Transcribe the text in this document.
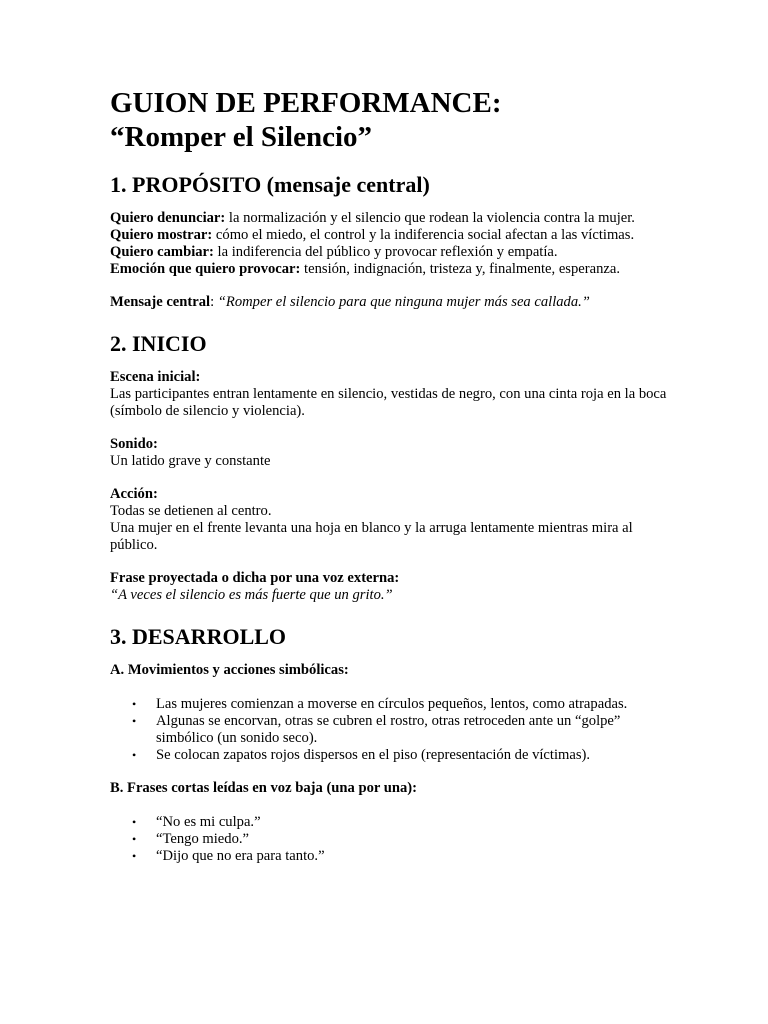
GUION DE PERFORMANCE:
“Romper el Silencio”
1. PROPÓSITO (mensaje central)

Quiero denunciar: la normalización y el silencio que rodean la violencia contra la mujer.
Quiero mostrar: cómo el miedo, el control y la indiferencia social afectan a las víctimas.
Quiero cambiar: la indiferencia del público y provocar reflexión y empatía.
Emoción que quiero provocar: tensión, indignación, tristeza y, finalmente, esperanza.

Mensaje central: “Romper el silencio para que ninguna mujer más sea callada.”

2. INICIO

Escena inicial:
Las participantes entran lentamente en silencio, vestidas de negro, con una cinta roja en la boca (símbolo de silencio y violencia).

Sonido:
Un latido grave y constante

Acción:
Todas se detienen al centro.
Una mujer en el frente levanta una hoja en blanco y la arruga lentamente mientras mira al público.

Frase proyectada o dicha por una voz externa:
“A veces el silencio es más fuerte que un grito.”

3. DESARROLLO

A. Movimientos y acciones simbólicas:

• Las mujeres comienzan a moverse en círculos pequeños, lentos, como atrapadas.
• Algunas se encorvan, otras se cubren el rostro, otras retroceden ante un “golpe” simbólico (un sonido seco).
• Se colocan zapatos rojos dispersos en el piso (representación de víctimas).

B. Frases cortas leídas en voz baja (una por una):

• “No es mi culpa.”
• “Tengo miedo.”
• “Dijo que no era para tanto.”
